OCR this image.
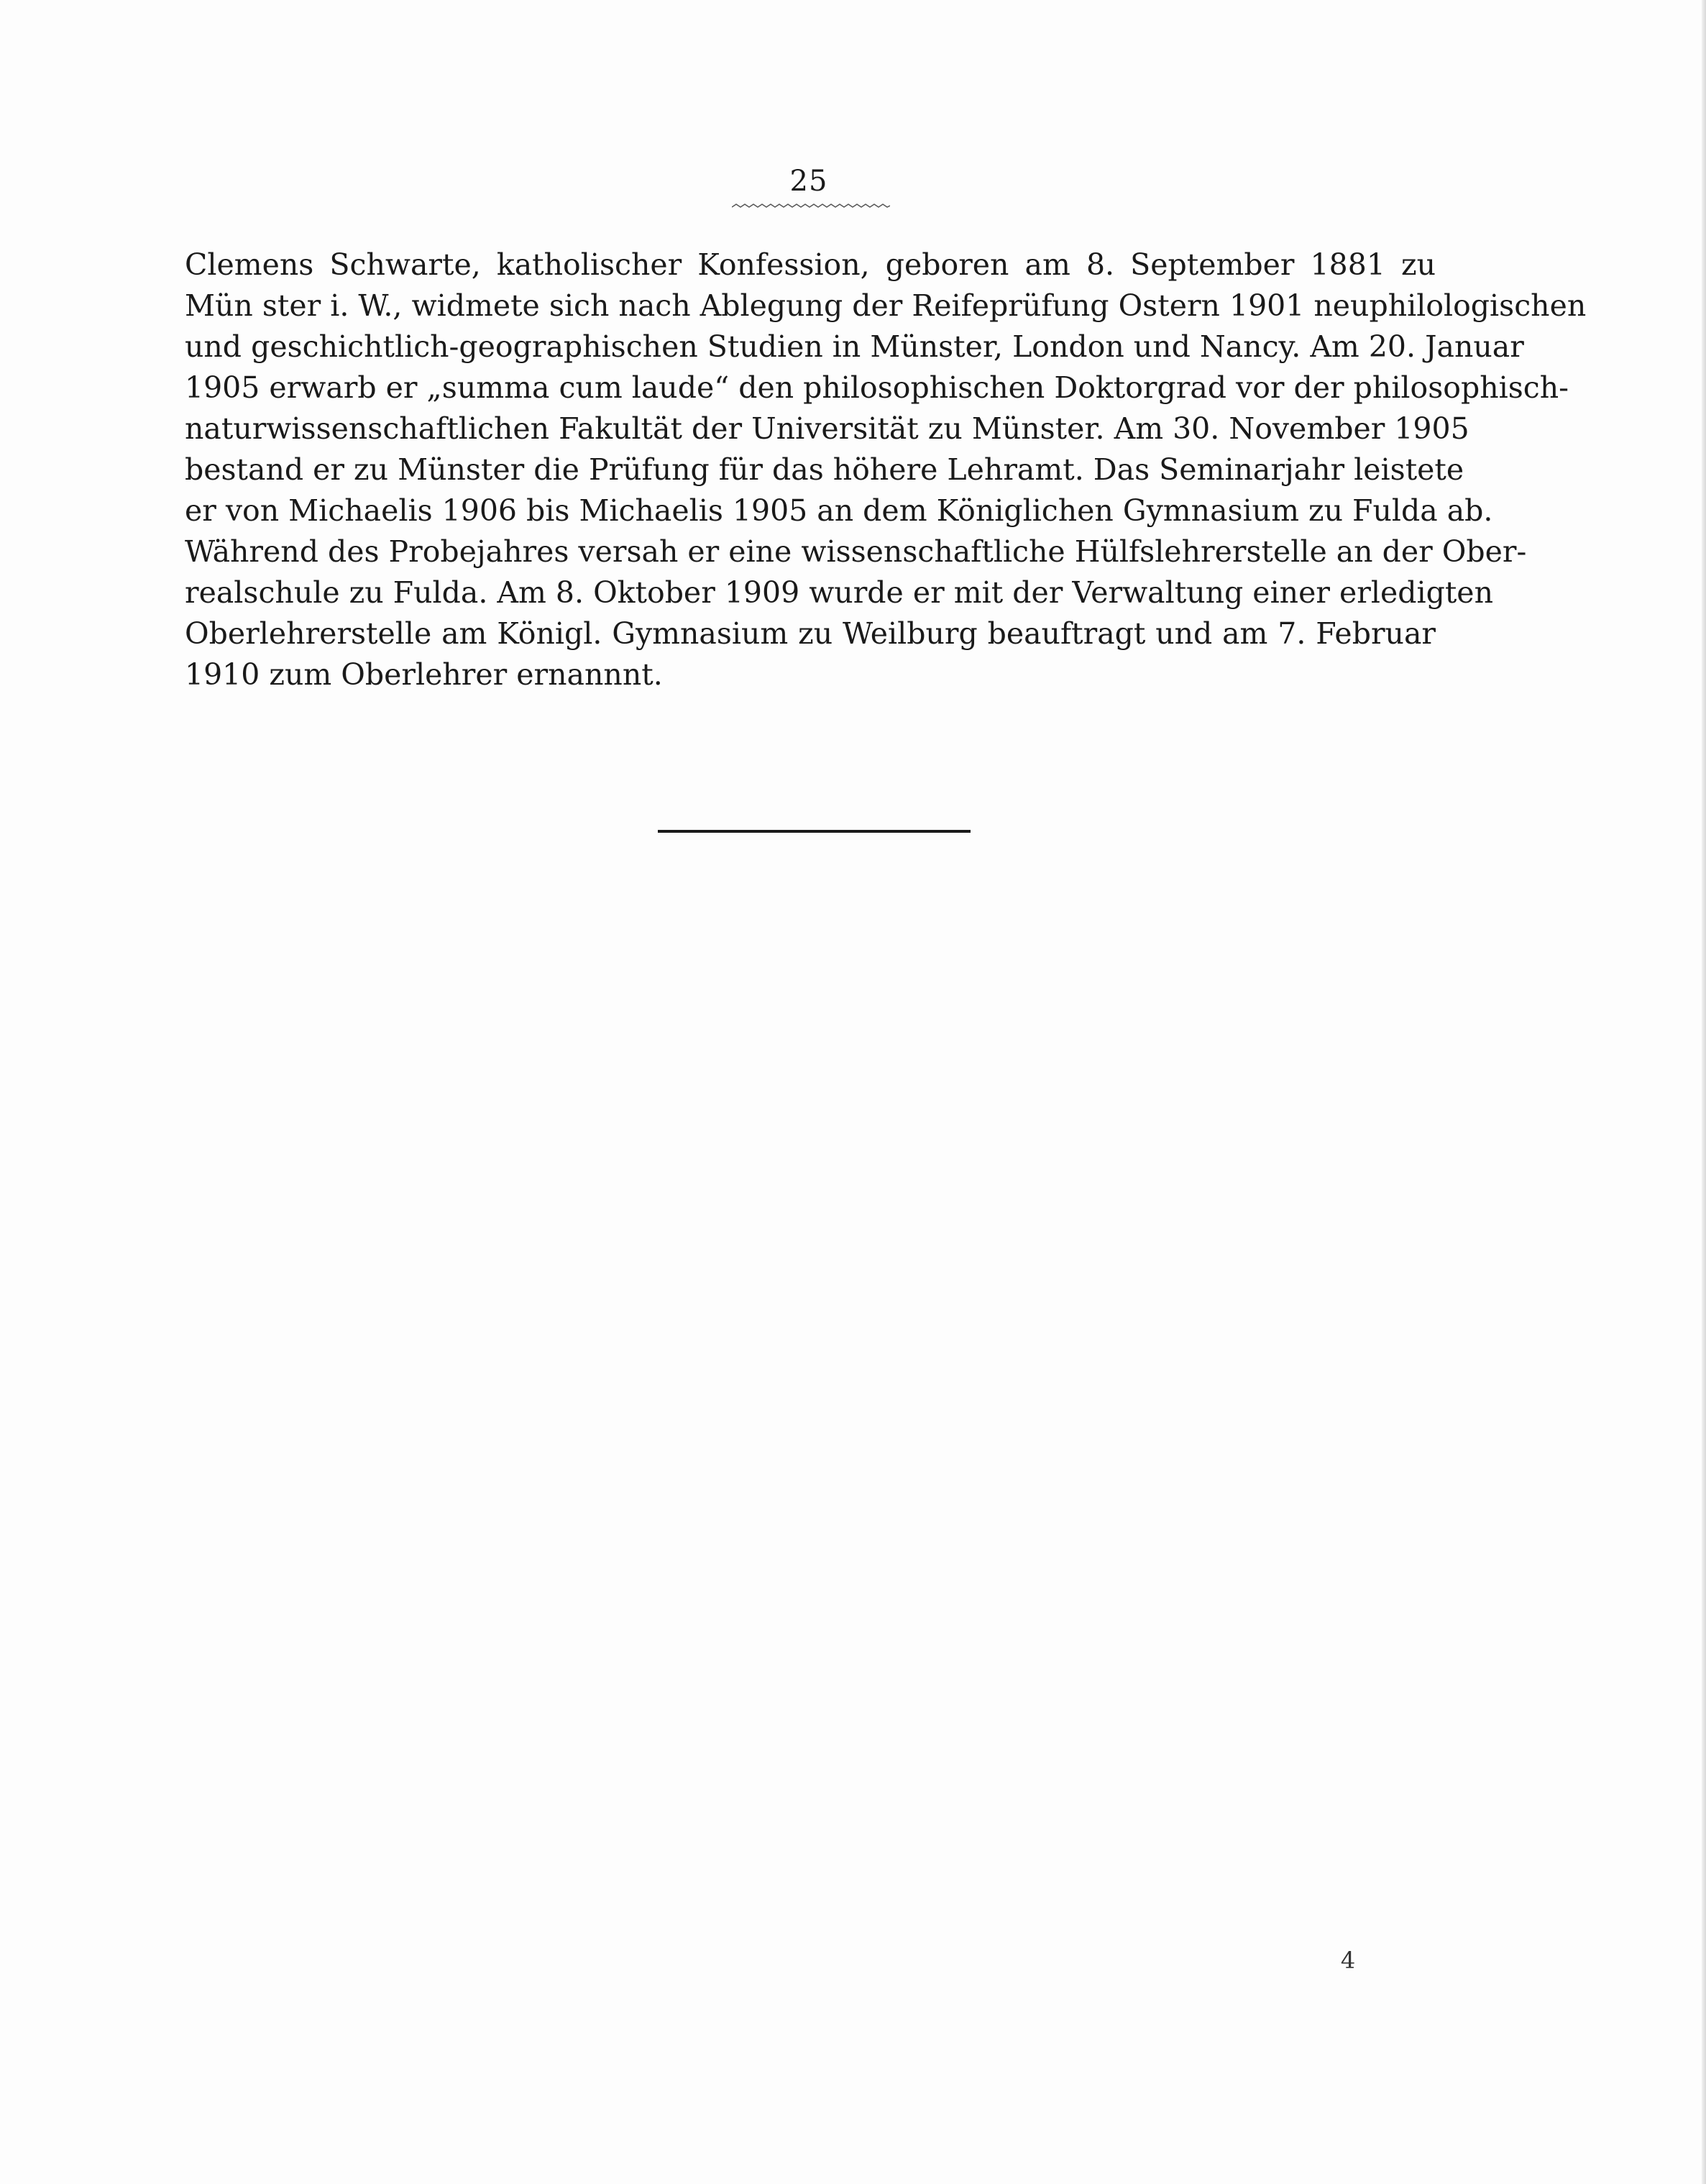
25

Clemens Schwarte, katholischer Konfession, geboren am 8. September 1881 zu
Mün ster i. W., widmete sich nach Ablegung der Reifeprüfung Ostern 1901 neuphilologischen
und geschichtlich-geographischen Studien in Münster, London und Nancy. Am 20. Januar
1905 erwarb er „summa cum laude“ den philosophischen Doktorgrad vor der philosophisch-
naturwissenschaftlichen Fakultät der Universität zu Münster. Am 30. November 1905
bestand er zu Münster die Prüfung für das höhere Lehramt. Das Seminarjahr leistete
er von Michaelis 1906 bis Michaelis 1905 an dem Königlichen Gymnasium zu Fulda ab.
Während des Probejahres versah er eine wissenschaftliche Hülfslehrerstelle an der Ober-
realschule zu Fulda. Am 8. Oktober 1909 wurde er mit der Verwaltung einer erledigten
Oberlehrerstelle am Königl. Gymnasium zu Weilburg beauftragt und am 7. Februar
1910 zum Oberlehrer ernannnt.

4
